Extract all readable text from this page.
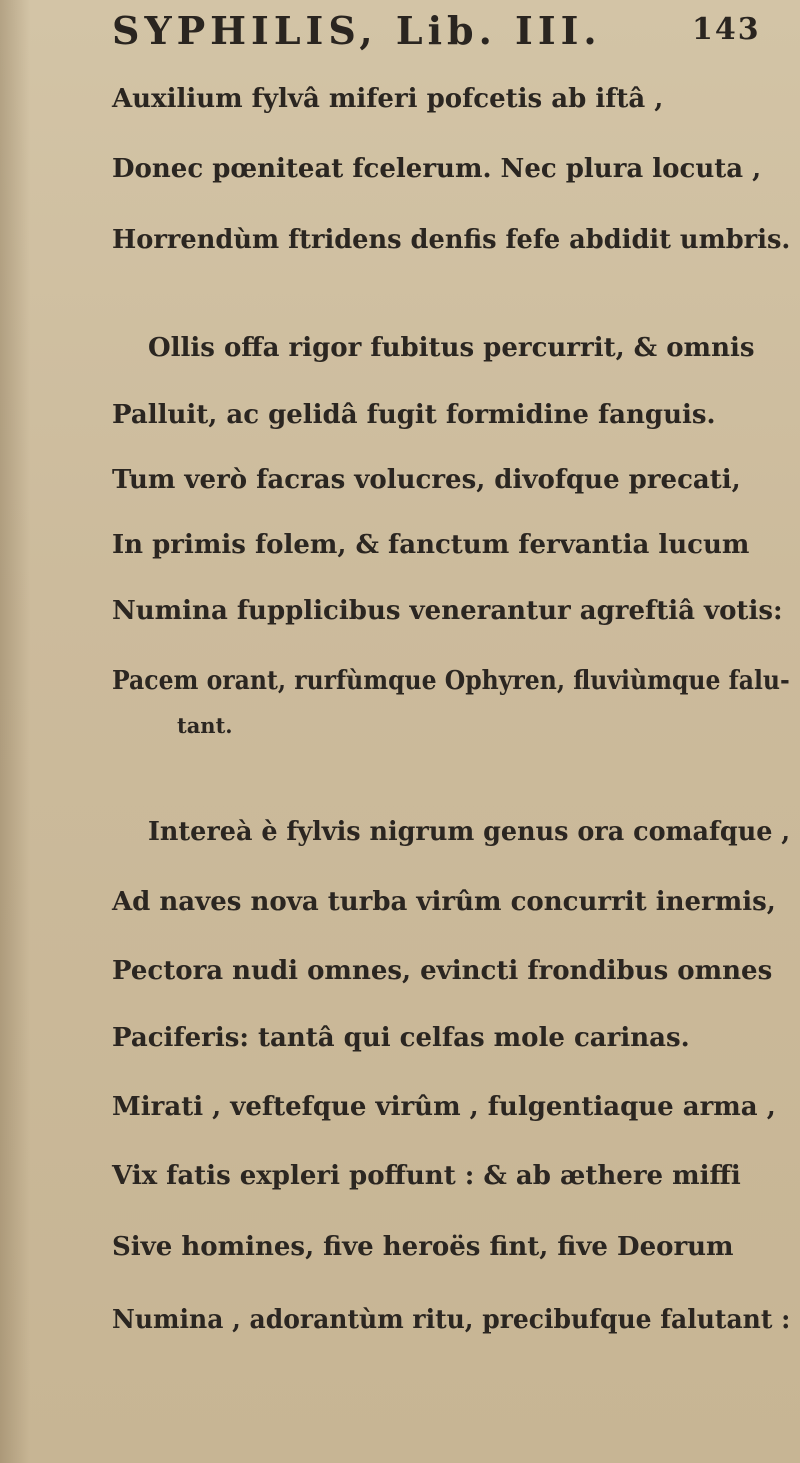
SYPHILIS, Lib. III.	143
Auxilium fylvâ miferi pofcetis ab iftâ ,
Donec pœniteat fcelerum. Nec plura locuta ,
Horrendùm ftridens denfis fefe abdidit umbris.
Ollis offa rigor fubitus percurrit, & omnis
Palluit, ac gelidâ fugit formidine fanguis.
Tum verò facras volucres, divofque precati,
In primis folem, & fanctum fervantia lucum
Numina fupplicibus venerantur agreftiâ votis:
Pacem orant, rurfùmque Ophyren, fluviùmque falu-
tant.
Intereà è fylvis nigrum genus ora comafque ,
Ad naves nova turba virûm concurrit inermis,
Pectora nudi omnes, evincti frondibus omnes
Paciferis: tantâ qui celfas mole carinas.
Mirati , veftefque virûm , fulgentiaque arma ,
Vix fatis expleri poffunt : & ab æthere miffi
Sive homines, five heroës fint, five Deorum
Numina , adorantùm ritu, precibufque falutant :
